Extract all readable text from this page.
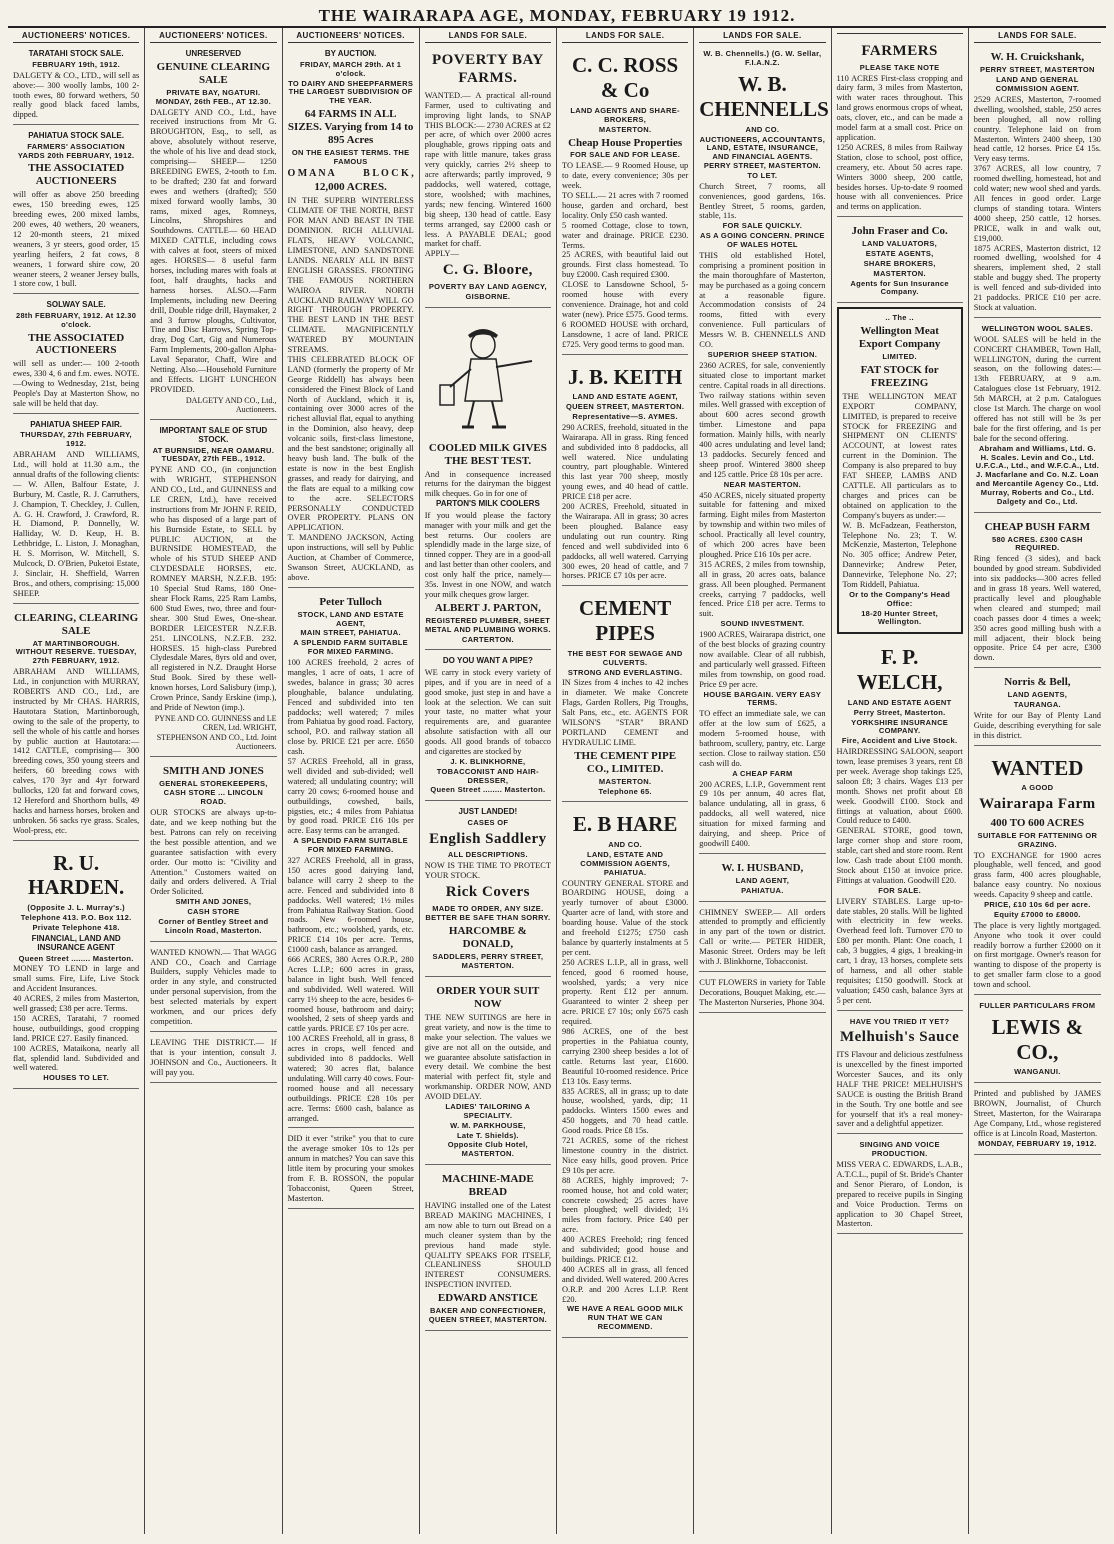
THE WAIRARAPA AGE, MONDAY, FEBRUARY 19 1912.
AUCTIONEERS' NOTICES.
TARATAHI STOCK SALE.
FEBRUARY 19th, 1912.
DALGETY & CO., LTD., will sell as above:— 300 woolly lambs, 100 2-tooth ewes, 80 forward wethers, 50 really good black faced lambs, dipped.
PAHIATUA STOCK SALE.
FARMERS' ASSOCIATION YARDS 20th FEBRUARY, 1912.
THE ASSOCIATED AUCTIONEERS
will offer as above 250 breeding ewes, 150 breeding ewes, 125 breeding ewes, 200 mixed lambs, 200 ewes, 40 wethers, 20 weaners, 12 20-month steers, 21 mixed weaners, 3 yr steers, good order, 15 yearling heifers, 2 fat cows, 8 weaners, 1 forward shire cow, 20 weaner steers, 2 weaner Jersey bulls, 1 store cow, 1 bull.
SOLWAY SALE.
28th FEBRUARY, 1912. At 12.30 o'clock.
THE ASSOCIATED AUCTIONEERS
will sell as under:— 100 2-tooth ewes, 330 4, 6 and f.m. ewes. NOTE.—Owing to Wednesday, 21st, being People's Day at Masterton Show, no sale will be held that day.
PAHIATUA SHEEP FAIR.
THURSDAY, 27th FEBRUARY, 1912.
ABRAHAM AND WILLIAMS, Ltd., will hold at 11.30 a.m., the annual drafts of the following clients:— W. Allen, Balfour Estate, J. Burbury, M. Castle, R. J. Carruthers, J. Champion, T. Checkley, J. Cullen, A. G. H. Crawford, J. Crawford, R. H. Diamond, P. Donnelly, W. Halliday, W. D. Keup, H. B. Lethbridge, L. Liston, J. Monaghan, H. S. Morrison, W. Mitchell, S. Mulcock, D. O'Brien, Puketoi Estate, J. Sinclair, H. Sheffield, Warren Bros., and others, comprising: 15,000 SHEEP.
CLEARING, CLEARING SALE
AT MARTINBOROUGH. WITHOUT RESERVE. TUESDAY, 27th FEBRUARY, 1912.
ABRAHAM AND WILLIAMS, Ltd., in conjunction with MURRAY, ROBERTS AND CO., Ltd., are instructed by Mr CHAS. HARRIS, Hautotara Station, Martinborough, owing to the sale of the property, to sell the whole of his cattle and horses by public auction at Hautotara:— 1412 CATTLE, comprising— 300 breeding cows, 350 young steers and heifers, 60 breeding cows with calves, 170 3yr and 4yr forward bullocks, 120 fat and forward cows, 12 Hereford and Shorthorn bulls, 49 hacks and harness horses, broken and unbroken. 56 sacks rye grass. Scales, Wool-press, etc.
R. U. HARDEN.
(Opposite J. L. Murray's.)
Telephone 413. P.O. Box 112.
Private Telephone 418.
FINANCIAL, LAND AND INSURANCE AGENT
Queen Street ........ Masterton.
MONEY TO LEND in large and small sums. Fire, Life, Live Stock and Accident Insurances.
40 ACRES, 2 miles from Masterton, well grassed; £38 per acre. Terms.
150 ACRES, Taratahi, 7 roomed house, outbuildings, good cropping land. PRICE £27. Easily financed.
100 ACRES, Mataikona, nearly all flat, splendid land. Subdivided and well watered.
HOUSES TO LET.
AUCTIONEERS' NOTICES.
UNRESERVED
GENUINE CLEARING SALE
PRIVATE BAY, NGATURI. MONDAY, 26th FEB., AT 12.30.
DALGETY AND CO., Ltd., have received instructions from Mr G. BROUGHTON, Esq., to sell, as above, absolutely without reserve, the whole of his live and dead stock, comprising— SHEEP— 1250 BREEDING EWES, 2-tooth to f.m. to be drafted; 230 fat and forward ewes and wethers (drafted); 550 mixed forward woolly lambs, 30 rams, mixed ages, Romneys, Lincolns, Shropshires and Southdowns. CATTLE— 60 HEAD MIXED CATTLE, including cows with calves at foot, steers of mixed ages. HORSES— 8 useful farm horses, including mares with foals at foot, half draughts, hacks and harness horses. ALSO.—Farm Implements, including new Deering drill, Double ridge drill, Haymaker, 2 and 3 furrow ploughs, Cultivator, Tine and Disc Harrows, Spring Top-dray, Dog Cart, Gig and Numerous Farm Implements, 200-gallon Alpha-Laval Separator, Chaff, Wire and Netting. Also.—Household Furniture and Effects. LIGHT LUNCHEON PROVIDED.
DALGETY AND CO., Ltd., Auctioneers.
IMPORTANT SALE OF STUD STOCK.
AT BURNSIDE, NEAR OAMARU. TUESDAY, 27th FEB., 1912.
PYNE AND CO., (in conjunction with WRIGHT, STEPHENSON AND CO., Ltd., and GUINNESS and LE CREN, Ltd.), have received instructions from Mr JOHN F. REID, who has disposed of a large part of his Burnside Estate, to SELL by PUBLIC AUCTION, at the BURNSIDE HOMESTEAD, the whole of his STUD SHEEP AND CLYDESDALE HORSES, etc. ROMNEY MARSH, N.Z.F.B. 195: 10 Special Stud Rams, 180 One-shear Flock Rams, 225 Ram Lambs, 600 Stud Ewes, two, three and four-shear. 300 Stud Ewes, One-shear. BORDER LEICESTER N.Z.F.B. 251. LINCOLNS, N.Z.F.B. 232. HORSES. 15 high-class Purebred Clydesdale Mares, 8yrs old and over, all registered in N.Z. Draught Horse Stud Book. Sired by these well-known horses, Lord Salisbury (imp.), Crown Prince, Sandy Erskine (imp.), and Pride of Newton (imp.).
PYNE AND CO. GUINNESS and LE CREN, Ltd. WRIGHT, STEPHENSON AND CO., Ltd. Joint Auctioneers.
SMITH AND JONES
GENERAL STOREKEEPERS,
CASH STORE ... LINCOLN ROAD.
OUR STOCKS are always up-to-date, and we keep nothing but the best. Patrons can rely on receiving the best possible attention, and we guarantee satisfaction with every order. Our motto is: "Civility and Attention." Customers waited on daily and orders delivered. A Trial Order Solicited.
SMITH AND JONES,
CASH STORE
Corner of Bentley Street and Lincoln Road, Masterton.
WANTED KNOWN.— That WAGG AND CO., Coach and Carriage Builders, supply Vehicles made to order in any style, and constructed under personal supervision, from the best selected materials by expert workmen, and our prices defy competition.
LEAVING THE DISTRICT.— If that is your intention, consult J. JOHNSON and Co., Auctioneers. It will pay you.
AUCTIONEERS' NOTICES.
BY AUCTION.
FRIDAY, MARCH 29th. At 1 o'clock.
TO DAIRY AND SHEEPFARMERS THE LARGEST SUBDIVISION OF THE YEAR.
64 FARMS IN ALL SIZES. Varying from 14 to 895 Acres
ON THE EASIEST TERMS. THE FAMOUS
O M A N A	B L O C K ,
12,000 ACRES.
IN THE SUPERB WINTERLESS CLIMATE OF THE NORTH, BEST FOR MAN AND BEAST IN THE DOMINION. RICH ALLUVIAL FLATS, HEAVY VOLCANIC, LIMESTONE, AND SANDSTONE LANDS. NEARLY ALL IN BEST ENGLISH GRASSES. FRONTING THE FAMOUS NORTHERN WAIROA RIVER. NORTH AUCKLAND RAILWAY WILL GO RIGHT THROUGH PROPERTY. THE BEST LAND IN THE BEST CLIMATE. MAGNIFICENTLY WATERED BY MOUNTAIN STREAMS.
THIS CELEBRATED BLOCK OF LAND (formerly the property of Mr George Riddell) has always been considered the Finest Block of Land North of Auckland, which it is, containing over 3000 acres of the richest alluvial flat, equal to anything in the Dominion, also heavy, deep volcanic soils, first-class limestone, and the best sandstone; originally all heavy bush land. The bulk of the estate is now in the best English grasses, and ready for dairying, and the flats are equal to a milking cow to the acre. SELECTORS PERSONALLY CONDUCTED OVER PROPERTY. PLANS ON APPLICATION.
T. MANDENO JACKSON, Acting upon instructions, will sell by Public Auction, at Chamber of Commerce, Swanson Street, AUCKLAND, as above.
Peter Tulloch
STOCK, LAND AND ESTATE AGENT,
MAIN STREET, PAHIATUA.
A SPLENDID FARM SUITABLE FOR MIXED FARMING.
100 ACRES freehold, 2 acres of mangles, 1 acre of oats, 1 acre of swedes, balance in grass; 30 acres ploughable, balance undulating. Fenced and subdivided into ten paddocks; well watered; 7 miles from Pahiatua by good road. Factory, school, P.O. and railway station all close by. PRICE £21 per acre. £650 cash.
57 ACRES Freehold, all in grass, well divided and sub-divided; well watered; all undulating country; will carry 20 cows; 6-roomed house and outbuildings, cowshed, bails, pigsties, etc.; 4 miles from Pahiatua by good road. PRICE £16 10s per acre. Easy terms can be arranged.
A SPLENDID FARM SUITABLE FOR MIXED FARMING.
327 ACRES Freehold, all in grass, 150 acres good dairying land, balance will carry 2 sheep to the acre. Fenced and subdivided into 8 paddocks. Well watered; 1½ miles from Pahiatua Railway Station. Good roads. New 6-roomed house, bathroom, etc.; woolshed, yards, etc. PRICE £14 10s per acre. Terms, £1000 cash, balance as arranged.
666 ACRES, 380 Acres O.R.P., 280 Acres L.I.P.; 600 acres in grass, balance in light bush. Well fenced and subdivided. Well watered. Will carry 1½ sheep to the acre, besides 6-roomed house, bathroom and dairy; woolshed, 2 sets of sheep yards and cattle yards. PRICE £7 10s per acre.
100 ACRES Freehold, all in grass, 8 acres in crops, well fenced and subdivided into 8 paddocks. Well watered; 30 acres flat, balance undulating. Will carry 40 cows. Four-roomed house and all necessary outbuildings. PRICE £28 10s per acre. Terms: £600 cash, balance as arranged.
DID it ever "strike" you that to cure the average smoker 10s to 12s per annum in matches? You can save this little item by procuring your smokes from F. B. ROSSON, the popular Tobacconist, Queen Street, Masterton.
LANDS FOR SALE.
POVERTY BAY FARMS.
WANTED.— A practical all-round Farmer, used to cultivating and improving light lands, to SNAP THIS BLOCK:— 2730 ACRES at £2 per acre, of which over 2000 acres ploughable, grows ripping oats and rape with little manure, takes grass very quickly, carries 2½ sheep to acre afterwards; partly improved, 9 paddocks, well watered, cottage, store, woolshed; with machines, yards; new fencing. Wintered 1600 big sheep, 130 head of cattle. Easy terms arranged, say £2000 cash or less. A PAYABLE DEAL; good market for chaff.
APPLY—
C. G. Bloore,
POVERTY BAY LAND AGENCY,
GISBORNE.
COOLED MILK GIVES THE BEST TEST.
And in consequence increased returns for the dairyman the biggest milk cheques. Go in for one of
PARTON'S MILK COOLERS
If you would please the factory manager with your milk and get the best returns. Our coolers are splendidly made in the large size, of tinned copper. They are in a good-all and last better than other coolers, and cost only half the price, namely—35s. Invest in one NOW, and watch your milk cheques grow larger.
ALBERT J. PARTON,
REGISTERED PLUMBER, SHEET METAL AND PLUMBING WORKS.
CARTERTON.
DO YOU WANT A PIPE?
WE carry in stock every variety of pipes, and if you are in need of a good smoke, just step in and have a look at the selection. We can suit your taste, no matter what your requirements are, and guarantee absolute satisfaction with all our goods. All good brands of tobacco and cigarettes are stocked by
J. K. BLINKHORNE,
TOBACCONIST AND HAIR-DRESSER,
Queen Street ........ Masterton.
JUST LANDED!
CASES OF
English Saddlery
ALL DESCRIPTIONS.
NOW IS THE TIME TO PROTECT YOUR STOCK.
Rick Covers
MADE TO ORDER, ANY SIZE.
BETTER BE SAFE THAN SORRY.
HARCOMBE & DONALD,
SADDLERS, PERRY STREET, MASTERTON.
ORDER YOUR SUIT NOW
THE NEW SUITINGS are here in great variety, and now is the time to make your selection. The values we give are not all on the outside, and we guarantee absolute satisfaction in every detail. We combine the best material with perfect fit, style and workmanship. ORDER NOW, AND AVOID DELAY.
LADIES' TAILORING A SPECIALITY.
W. M. PARKHOUSE,
Late T. Shields).
Opposite Club Hotel, MASTERTON.
MACHINE-MADE BREAD
HAVING installed one of the Latest BREAD MAKING MACHINES, I am now able to turn out Bread on a much cleaner system than by the previous hand made style. QUALITY SPEAKS FOR ITSELF, CLEANLINESS SHOULD INTEREST CONSUMERS. INSPECTION INVITED.
EDWARD ANSTICE
BAKER AND CONFECTIONER, QUEEN STREET, MASTERTON.
LANDS FOR SALE.
C. C. ROSS & Co
LAND AGENTS AND SHARE-BROKERS,
MASTERTON.
Cheap House Properties
FOR SALE AND FOR LEASE.
TO LEASE.— 9 Roomed House, up to date, every convenience; 30s per week.
TO SELL.— 21 acres with 7 roomed house, garden and orchard, best locality. Only £50 cash wanted.
5 roomed Cottage, close to town, water and drainage. PRICE £230. Terms.
25 ACRES, with beautiful laid out grounds. First class homestead. To buy £2000. Cash required £300.
CLOSE to Lansdowne School, 5-roomed house with every convenience. Drainage, hot and cold water (new). Price £575. Good terms.
6 ROOMED HOUSE with orchard, Lansdowne, 1 acre of land. PRICE £725. Very good terms to good man.
J. B. KEITH
LAND AND ESTATE AGENT,
QUEEN STREET, MASTERTON.
Representative—S. AYMES.
290 ACRES, freehold, situated in the Wairarapa. All in grass. Ring fenced and subdivided into 8 paddocks, all well watered. Nice undulating country, part ploughable. Wintered this last year 700 sheep, mostly young ewes, and 40 head of cattle. PRICE £18 per acre.
200 ACRES, Freehold, situated in the Wairarapa. All in grass; 30 acres been ploughed. Balance easy undulating out run country. Ring fenced and well subdivided into 6 paddocks, all well watered. Carrying 300 ewes, 20 head of cattle, and 7 horses. PRICE £7 10s per acre.
CEMENT PIPES
THE BEST FOR SEWAGE AND CULVERTS.
STRONG AND EVERLASTING.
IN Sizes from 4 inches to 42 inches in diameter. We make Concrete Flags, Garden Rollers, Pig Troughs, Salt Pans, etc., etc. AGENTS FOR WILSON'S "STAR" BRAND PORTLAND CEMENT and HYDRAULIC LIME.
THE CEMENT PIPE CO., LIMITED.
MASTERTON.
Telephone 65.
E. B HARE
AND CO.
LAND, ESTATE AND COMMISSION AGENTS, PAHIATUA.
COUNTRY GENERAL STORE and BOARDING HOUSE, doing a yearly turnover of about £3000. Quarter acre of land, with store and boarding house. Value of the stock and freehold £1275; £750 cash balance by quarterly instalments at 5 per cent.
250 ACRES L.I.P., all in grass, well fenced, good 6 roomed house, woolshed, yards; a very nice property. Rent £12 per annum. Guaranteed to winter 2 sheep per acre. PRICE £7 10s; only £675 cash required.
986 ACRES, one of the best properties in the Pahiatua county, carrying 2300 sheep besides a lot of cattle. Returns last year, £1600. Beautiful 10-roomed residence. Price £13 10s. Easy terms.
835 ACRES, all in grass; up to date house, woolshed, yards, dip; 11 paddocks. Winters 1500 ewes and 450 hoggets, and 70 head cattle. Good roads. Price £8 15s.
721 ACRES, some of the richest limestone country in the district. Nice easy hills, good proven. Price £9 10s per acre.
88 ACRES, highly improved; 7-roomed house, hot and cold water; concrete cowshed; 25 acres have been ploughed; well divided; 1½ miles from factory. Price £40 per acre.
400 ACRES Freehold; ring fenced and subdivided; good house and buildings. PRICE £12.
400 ACRES all in grass, all fenced and divided. Well watered. 200 Acres O.R.P. and 200 Acres L.I.P. Rent £20.
WE HAVE A REAL GOOD MILK RUN THAT WE CAN RECOMMEND.
LANDS FOR SALE.
W. B. Chennells.) (G. W. Sellar, F.I.A.N.Z.
W. B. CHENNELLS
AND CO.
AUCTIONEERS, ACCOUNTANTS, LAND, ESTATE, INSURANCE, AND FINANCIAL AGENTS. PERRY STREET, MASTERTON.
TO LET.
Church Street, 7 rooms, all conveniences, good gardens, 16s. Bentley Street, 5 rooms, garden, stable, 11s.
FOR SALE QUICKLY.
AS A GOING CONCERN. PRINCE OF WALES HOTEL
THIS old established Hotel, comprising a prominent position in the main thoroughfare of Masterton, may be purchased as a going concern at a reasonable figure. Accommodation consists of 24 rooms, fitted with every convenience. Full particulars of Messrs W. B. CHENNELLS AND CO.
SUPERIOR SHEEP STATION.
2360 ACRES, for sale, conveniently situated close to important market centre. Capital roads in all directions. Two railway stations within seven miles. Well grassed with exception of about 600 acres second growth timber. Limestone and papa formation. Mainly hills, with nearly 400 acres undulating and level land; 13 paddocks. Securely fenced and sheep proof. Wintered 3800 sheep and 125 cattle. Price £8 10s per acre.
NEAR MASTERTON.
450 ACRES, nicely situated property suitable for fattening and mixed farming. Eight miles from Masterton by township and within two miles of school. Practically all level country, of which 200 acres have been ploughed. Price £16 10s per acre.
315 ACRES, 2 miles from township, all in grass, 20 acres oats, balance grass. All been ploughed. Permanent creeks, carrying 7 paddocks, well fenced. Price £18 per acre. Terms to suit.
SOUND INVESTMENT.
1900 ACRES, Wairarapa district, one of the best blocks of grazing country now available. Clear of all rubbish, and particularly well grassed. Fifteen miles from township, on good road. Price £9 per acre.
HOUSE BARGAIN. VERY EASY TERMS.
TO effect an immediate sale, we can offer at the low sum of £625, a modern 5-roomed house, with bathroom, scullery, pantry, etc. Large section. Close to railway station. £50 cash will do.
A CHEAP FARM
200 ACRES, L.I.P., Government rent £9 10s per annum, 40 acres flat, balance undulating, all in grass, 6 paddocks, all well watered, nice situation for mixed farming and dairying, and sheep. Price of goodwill £400.
W. I. HUSBAND,
LAND AGENT,
PAHIATUA.
CHIMNEY SWEEP.— All orders attended to promptly and efficiently in any part of the town or district. Call or write.— PETER HIDER, Masonic Street. Orders may be left with J. Blinkhorne, Tobacconist.
CUT FLOWERS in variety for Table Decorations, Bouquet Making, etc.— The Masterton Nurseries, Phone 304.
FARMERS
PLEASE TAKE NOTE
110 ACRES First-class cropping and dairy farm, 3 miles from Masterton, with water races throughout. This land grows enormous crops of wheat, oats, clover, etc., and can be made a model farm at a small cost. Price on application.
1250 ACRES, 8 miles from Railway Station, close to school, post office, creamery, etc. About 50 acres rape. Winters 3000 sheep, 200 cattle, besides horses. Up-to-date 9 roomed house with all conveniences. Price and terms on application.
John Fraser and Co.
LAND VALUATORS,
ESTATE AGENTS,
SHARE BROKERS,
MASTERTON.
Agents for Sun Insurance Company.
.. The ..
Wellington Meat Export Company
LIMITED.
FAT STOCK for FREEZING
THE WELLINGTON MEAT EXPORT COMPANY, LIMITED, is prepared to receive STOCK for FREEZING and SHIPMENT ON CLIENTS' ACCOUNT, at lowest rates current in the Dominion. The Company is also prepared to buy FAT SHEEP, LAMBS AND CATTLE. All particulars as to charges and prices can be obtained on application to the Company's buyers as under:—
W. B. McFadzean, Featherston, Telephone No. 23; T. W. McKenzie, Masterton, Telephone No. 305 office; Andrew Peter, Dannevirke; Andrew Peter, Dannevirke, Telephone No. 27; Tom Riddell, Pahiatua.
Or to the Company's Head Office:
18-20 Hunter Street, Wellington.
F. P. WELCH,
LAND AND ESTATE AGENT
Perry Street, Masterton.
YORKSHIRE INSURANCE COMPANY.
Fire, Accident and Live Stock.
HAIRDRESSING SALOON, seaport town, lease premises 3 years, rent £8 per week. Average shop takings £25, saloon £8; 3 chairs. Wages £13 per month. Shows net profit about £8 week. Goodwill £100. Stock and fittings at valuation, about £600. Could reduce to £400.
GENERAL STORE, good town, large corner shop and store room, stable, cart shed and store room. Rent low. Cash trade about £100 month. Stock about £150 at invoice price. Fittings at valuation. Goodwill £20.
FOR SALE.
LIVERY STABLES. Large up-to-date stables, 20 stalls. Will be lighted with electricity in few weeks. Overhead feed loft. Turnover £70 to £80 per month. Plant: One coach, 1 cab, 3 buggies, 4 gigs, 1 breaking-in cart, 1 dray, 13 horses, complete sets of harness, and all other stable requisites; £150 goodwill. Stock at valuation; £450 cash, balance 3yrs at 5 per cent.
HAVE YOU TRIED IT YET?
Melhuish's Sauce
ITS Flavour and delicious zestfulness is unexcelled by the finest imported Worcester Sauces, and its only HALF THE PRICE! MELHUISH'S SAUCE is ousting the British Brand in the South. Try one bottle and see for yourself that it's a real money-saver and a delightful appetizer.
SINGING AND VOICE PRODUCTION.
MISS VERA C. EDWARDS, L.A.B., A.T.C.L., pupil of St. Bride's Chanter and Senor Pieraro, of London, is prepared to receive pupils in Singing and Voice Production. Terms on application to 30 Chapel Street, Masterton.
LANDS FOR SALE.
W. H. Cruickshank,
PERRY STREET, MASTERTON
LAND AND GENERAL COMMISSION AGENT.
2529 ACRES, Masterton, 7-roomed dwelling, woolshed, stable, 250 acres been ploughed, all now rolling country. Telephone laid on from Masterton. Winters 2400 sheep, 130 head cattle, 12 horses. Price £4 15s. Very easy terms.
3767 ACRES, all low country, 7 roomed dwelling, homestead, hot and cold water; new wool shed and yards. All fences in good order. Large clumps of standing totara. Winters 4000 sheep, 250 cattle, 12 horses. PRICE, walk in and walk out, £19,000.
1875 ACRES, Masterton district, 12 roomed dwelling, woolshed for 4 shearers, implement shed, 2 stall stable and buggy shed. The property is well fenced and sub-divided into 21 paddocks. PRICE £10 per acre. Stock at valuation.
WELLINGTON WOOL SALES.
WOOL SALES will be held in the CONCERT CHAMBER, Town Hall, WELLINGTON, during the current season, on the following dates:— 13th FEBRUARY, at 9 a.m. Catalogues close 1st February, 1912. 5th MARCH, at 2 p.m. Catalogues close 1st March. The charge on wool offered has not still will be 3s per bale for the first offering, and 1s per bale for the second offering.
Abraham and Williams, Ltd. G. H. Scales. Levin and Co., Ltd. U.F.C.A., Ltd., and W.F.C.A., Ltd. J. Macfarlane and Co. N.Z. Loan and Mercantile Agency Co., Ltd. Murray, Roberts and Co., Ltd. Dalgety and Co., Ltd.
CHEAP BUSH FARM
580 ACRES. £300 CASH REQUIRED.
Ring fenced (3 sides), and back bounded by good stream. Subdivided into six paddocks—300 acres felled and in grass 18 years. Well watered, practically level and ploughable when cleared and stumped; mail coach passes door 4 times a week; 350 acres good milling bush with a mill adjacent, their block being opposite. Price £4 per acre, £300 down.
Norris & Bell,
LAND AGENTS,
TAURANGA.
Write for our Bay of Plenty Land Guide, describing everything for sale in this district.
WANTED
A GOOD
Wairarapa Farm
400 TO 600 ACRES
SUITABLE FOR FATTENING OR GRAZING.
TO EXCHANGE for 1900 acres ploughable, well fenced, and good grass farm, 400 acres ploughable, balance easy country. No noxious weeds. Capacity 9 sheep and cattle.
PRICE, £10 10s 6d per acre.
Equity £7000 to £8000.
The place is very lightly mortgaged. Anyone who took it over could readily borrow a further £2000 on it on first mortgage. Owner's reason for wanting to dispose of the property is to get smaller farm close to a good town and school.
FULLER PARTICULARS FROM
LEWIS & CO.,
WANGANUI.
Printed and published by JAMES BROWN, Journalist, of Church Street, Masterton, for the Wairarapa Age Company, Ltd., whose registered office is at Lincoln Road, Masterton.
MONDAY, FEBRUARY 19, 1912.
